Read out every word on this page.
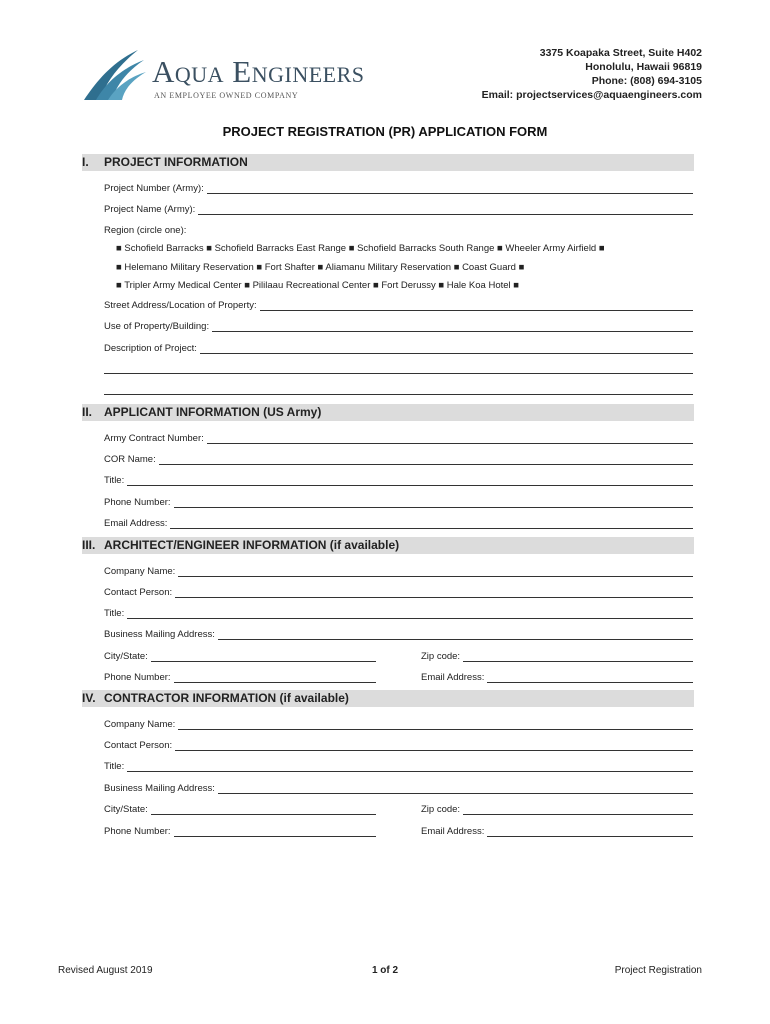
Aqua Engineers
AN EMPLOYEE OWNED COMPANY
3375 Koapaka Street, Suite H402
Honolulu, Hawaii 96819
Phone: (808) 694-3105
Email: projectservices@aquaengineers.com
PROJECT REGISTRATION (PR) APPLICATION FORM
I. PROJECT INFORMATION
Project Number (Army):
Project Name (Army):
Region (circle one):
■ Schofield Barracks ■ Schofield Barracks East Range ■ Schofield Barracks South Range ■ Wheeler Army Airfield ■
■ Helemano Military Reservation ■ Fort Shafter ■ Aliamanu Military Reservation ■ Coast Guard ■
■ Tripler Army Medical Center ■ Pililaau Recreational Center ■ Fort Derussy ■ Hale Koa Hotel ■
Street Address/Location of Property:
Use of Property/Building:
Description of Project:
II. APPLICANT INFORMATION (US Army)
Army Contract Number:
COR Name:
Title:
Phone Number:
Email Address:
III. ARCHITECT/ENGINEER INFORMATION (if available)
Company Name:
Contact Person:
Title:
Business Mailing Address:
City/State:	Zip code:
Phone Number:	Email Address:
IV. CONTRACTOR INFORMATION (if available)
Company Name:
Contact Person:
Title:
Business Mailing Address:
City/State:	Zip code:
Phone Number:	Email Address:
Revised August 2019	1 of 2	Project Registration
